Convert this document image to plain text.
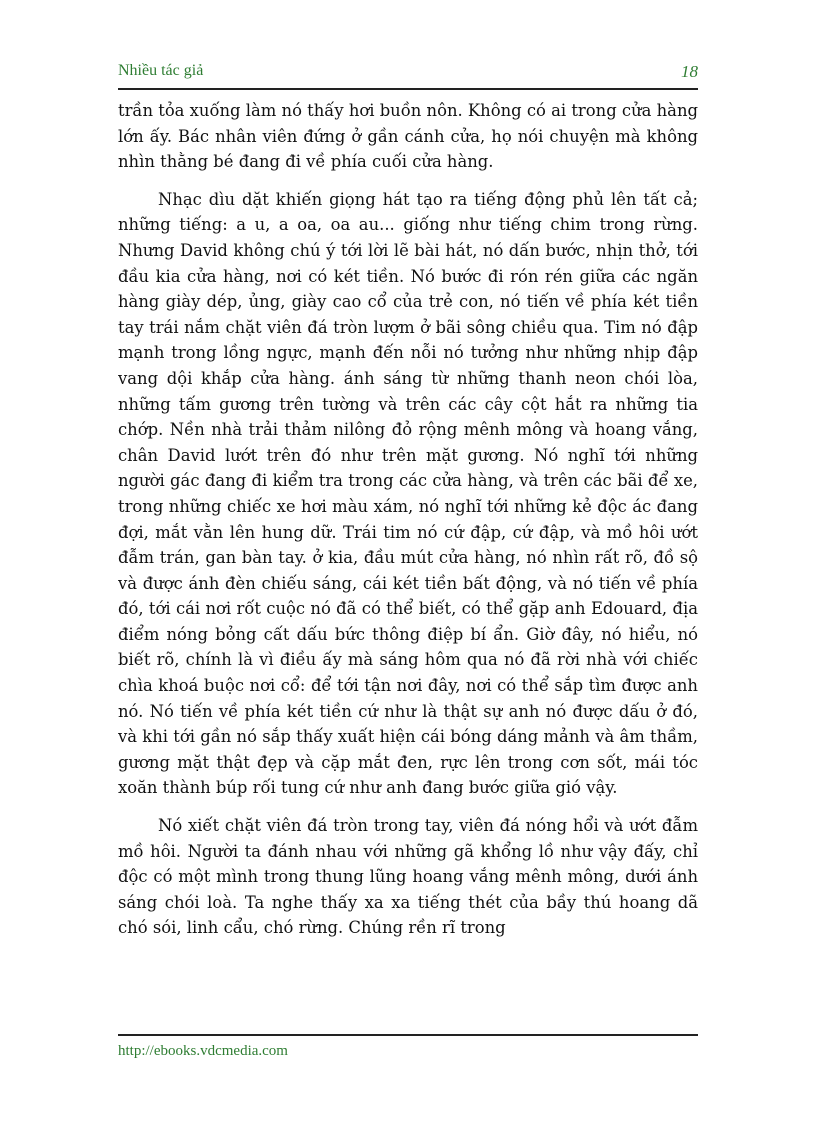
Nhiều tác giả	18

trần tỏa xuống làm nó thấy hơi buồn nôn. Không có ai trong cửa hàng lớn ấy. Bác nhân viên đứng ở gần cánh cửa, họ nói chuyện mà không nhìn thằng bé đang đi về phía cuối cửa hàng.

Nhạc dìu dặt khiến giọng hát tạo ra tiếng động phủ lên tất cả; những tiếng: a u, a oa, oa au... giống như tiếng chim trong rừng. Nhưng David không chú ý tới lời lẽ bài hát, nó dấn bước, nhịn thở, tới đầu kia cửa hàng, nơi có két tiền. Nó bước đi rón rén giữa các ngăn hàng giày dép, ủng, giày cao cổ của trẻ con, nó tiến về phía két tiền tay trái nắm chặt viên đá tròn lượm ở bãi sông chiều qua. Tim nó đập mạnh trong lồng ngực, mạnh đến nỗi nó tưởng như những nhịp đập vang dội khắp cửa hàng. ánh sáng từ những thanh neon chói lòa, những tấm gương trên tường và trên các cây cột hắt ra những tia chớp. Nền nhà trải thảm nilông đỏ rộng mênh mông và hoang vắng, chân David lướt trên đó như trên mặt gương. Nó nghĩ tới những người gác đang đi kiểm tra trong các cửa hàng, và trên các bãi để xe, trong những chiếc xe hơi màu xám, nó nghĩ tới những kẻ độc ác đang đợi, mắt vằn lên hung dữ. Trái tim nó cứ đập, cứ đập, và mồ hôi ướt đẫm trán, gan bàn tay. ở kia, đầu mút cửa hàng, nó nhìn rất rõ, đồ sộ và được ánh đèn chiếu sáng, cái két tiền bất động, và nó tiến về phía đó, tới cái nơi rốt cuộc nó đã có thể biết, có thể gặp anh Edouard, địa điểm nóng bỏng cất dấu bức thông điệp bí ẩn. Giờ đây, nó hiểu, nó biết rõ, chính là vì điều ấy mà sáng hôm qua nó đã rời nhà với chiếc chìa khoá buộc nơi cổ: để tới tận nơi đây, nơi có thể sắp tìm được anh nó. Nó tiến về phía két tiền cứ như là thật sự anh nó được dấu ở đó, và khi tới gần nó sắp thấy xuất hiện cái bóng dáng mảnh và âm thầm, gương mặt thật đẹp và cặp mắt đen, rực lên trong cơn sốt, mái tóc xoăn thành búp rối tung cứ như anh đang bước giữa gió vậy.

Nó xiết chặt viên đá tròn trong tay, viên đá nóng hổi và ướt đẫm mồ hôi. Người ta đánh nhau với những gã khổng lồ như vậy đấy, chỉ độc có một mình trong thung lũng hoang vắng mênh mông, dưới ánh sáng chói loà. Ta nghe thấy xa xa tiếng thét của bầy thú hoang dã chó sói, linh cẩu, chó rừng. Chúng rền rĩ trong

http://ebooks.vdcmedia.com
